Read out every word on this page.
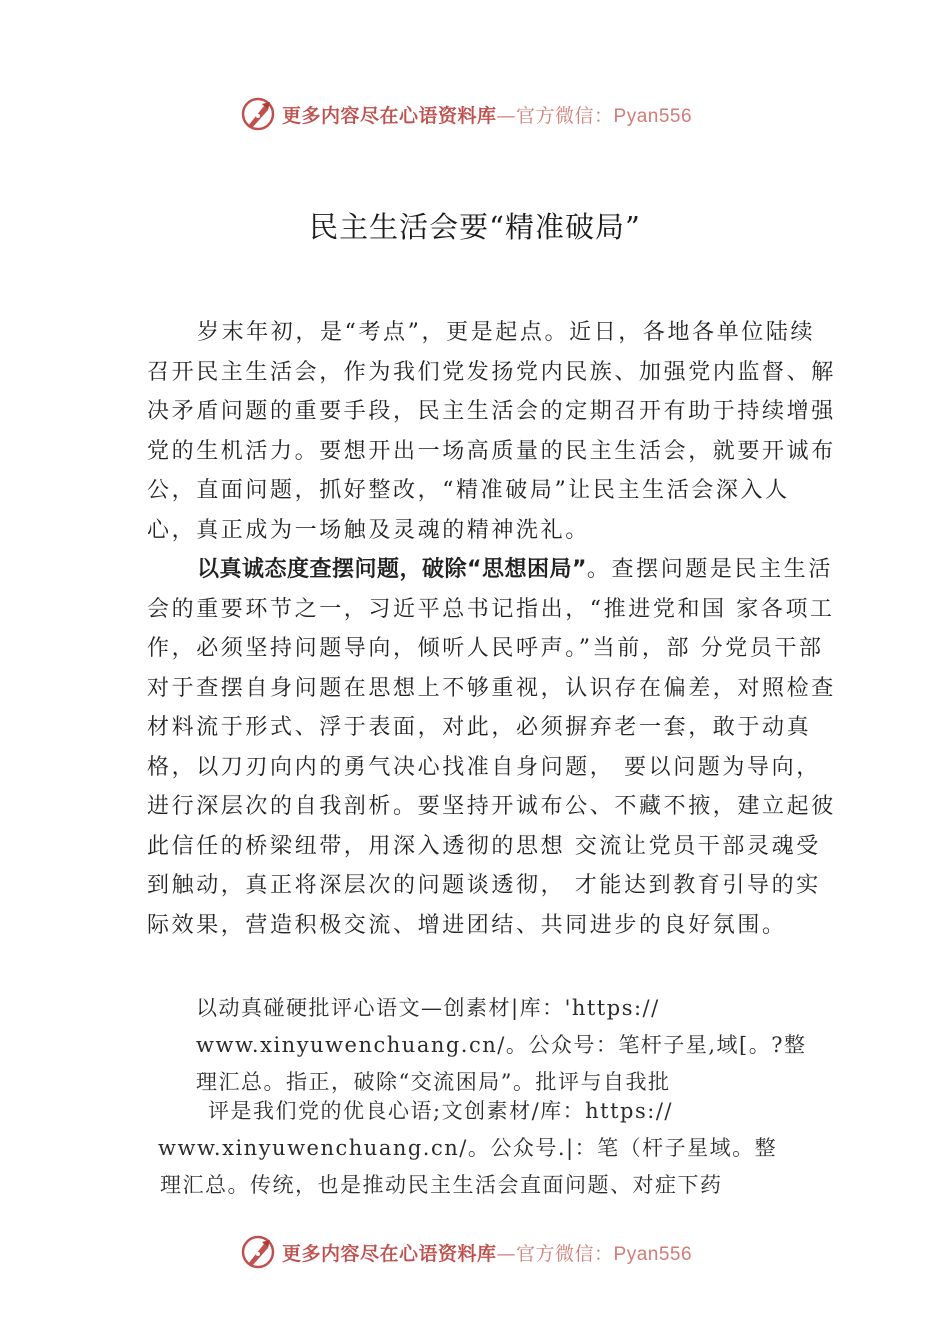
更多内容尽在心语资料库—官方微信：Pyan556
民主生活会要“精准破局”
岁末年初，是“考点”，更是起点。近日，各地各单位陆续召开民主生活会，作为我们党发扬党内民族、加强党内监督、解决矛盾问题的重要手段，民主生活会的定期召开有助于持续增强党的生机活力。要想开出一场高质量的民主生活会，就要开诚布公，直面问题，抓好整改，“精准破局”让民主生活会深入人心，真正成为一场触及灵魂的精神洗礼。
以真诚态度查摆问题，破除“思想困局”。查摆问题是民主生活会的重要环节之一，习近平总书记指出，“推进党和国 家各项工作，必须坚持问题导向，倾听人民呼声。”当前，部 分党员干部对于查摆自身问题在思想上不够重视，认识存在偏差，对照检查材料流于形式、浮于表面，对此，必须摒弃老一套，敢于动真格，以刀刃向内的勇气决心找准自身问题， 要以问题为导向，进行深层次的自我剖析。要坚持开诚布公、不藏不掖，建立起彼此信任的桥梁纽带，用深入透彻的思想 交流让党员干部灵魂受到触动，真正将深层次的问题谈透彻， 才能达到教育引导的实际效果，营造积极交流、增进团结、共同进步的良好氛围。
以动真碰硬批评心语文—创素材|库：'https://
www.xinyuwenchuang.cn/。公众号：笔杆子星,域[。?整
理汇总。指正，破除“交流困局”。批评与自我批
评是我们党的优良心语;文创素材/库：https://
www.xinyuwenchuang.cn/。公众号.|：笔（杆子星域。整
理汇总。传统，也是推动民主生活会直面问题、对症下药
更多内容尽在心语资料库—官方微信：Pyan556
